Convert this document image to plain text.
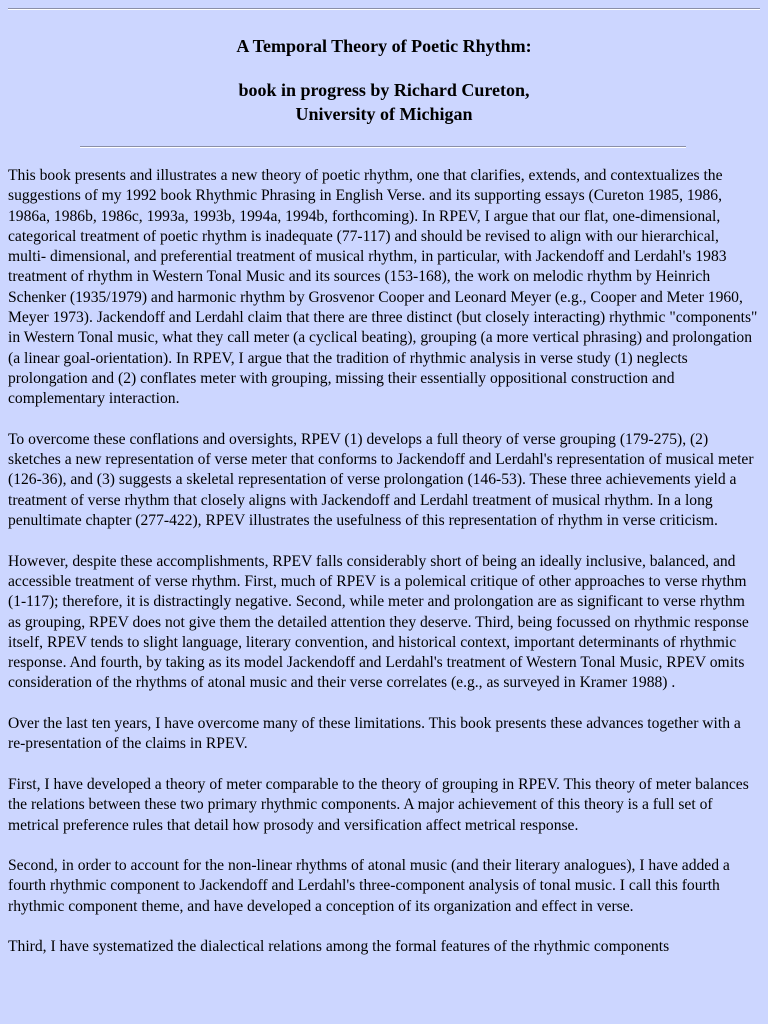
A Temporal Theory of Poetic Rhythm:
book in progress by Richard Cureton,
University of Michigan

This book presents and illustrates a new theory of poetic rhythm, one that clarifies, extends, and contextualizes the suggestions of my 1992 book Rhythmic Phrasing in English Verse. and its supporting essays (Cureton 1985, 1986, 1986a, 1986b, 1986c, 1993a, 1993b, 1994a, 1994b, forthcoming). In RPEV, I argue that our flat, one-dimensional, categorical treatment of poetic rhythm is inadequate (77-117) and should be revised to align with our hierarchical, multi- dimensional, and preferential treatment of musical rhythm, in particular, with Jackendoff and Lerdahl's 1983 treatment of rhythm in Western Tonal Music and its sources (153-168), the work on melodic rhythm by Heinrich Schenker (1935/1979) and harmonic rhythm by Grosvenor Cooper and Leonard Meyer (e.g., Cooper and Meter 1960, Meyer 1973). Jackendoff and Lerdahl claim that there are three distinct (but closely interacting) rhythmic "components" in Western Tonal music, what they call meter (a cyclical beating), grouping (a more vertical phrasing) and prolongation (a linear goal-orientation). In RPEV, I argue that the tradition of rhythmic analysis in verse study (1) neglects prolongation and (2) conflates meter with grouping, missing their essentially oppositional construction and complementary interaction.

To overcome these conflations and oversights, RPEV (1) develops a full theory of verse grouping (179-275), (2) sketches a new representation of verse meter that conforms to Jackendoff and Lerdahl's representation of musical meter (126-36), and (3) suggests a skeletal representation of verse prolongation (146-53). These three achievements yield a treatment of verse rhythm that closely aligns with Jackendoff and Lerdahl treatment of musical rhythm. In a long penultimate chapter (277-422), RPEV illustrates the usefulness of this representation of rhythm in verse criticism.

However, despite these accomplishments, RPEV falls considerably short of being an ideally inclusive, balanced, and accessible treatment of verse rhythm. First, much of RPEV is a polemical critique of other approaches to verse rhythm (1-117); therefore, it is distractingly negative. Second, while meter and prolongation are as significant to verse rhythm as grouping, RPEV does not give them the detailed attention they deserve. Third, being focussed on rhythmic response itself, RPEV tends to slight language, literary convention, and historical context, important determinants of rhythmic response. And fourth, by taking as its model Jackendoff and Lerdahl's treatment of Western Tonal Music, RPEV omits consideration of the rhythms of atonal music and their verse correlates (e.g., as surveyed in Kramer 1988) .

Over the last ten years, I have overcome many of these limitations. This book presents these advances together with a re-presentation of the claims in RPEV.

First, I have developed a theory of meter comparable to the theory of grouping in RPEV. This theory of meter balances the relations between these two primary rhythmic components. A major achievement of this theory is a full set of metrical preference rules that detail how prosody and versification affect metrical response.

Second, in order to account for the non-linear rhythms of atonal music (and their literary analogues), I have added a fourth rhythmic component to Jackendoff and Lerdahl's three-component analysis of tonal music. I call this fourth rhythmic component theme, and have developed a conception of its organization and effect in verse.

Third, I have systematized the dialectical relations among the formal features of the rhythmic components
